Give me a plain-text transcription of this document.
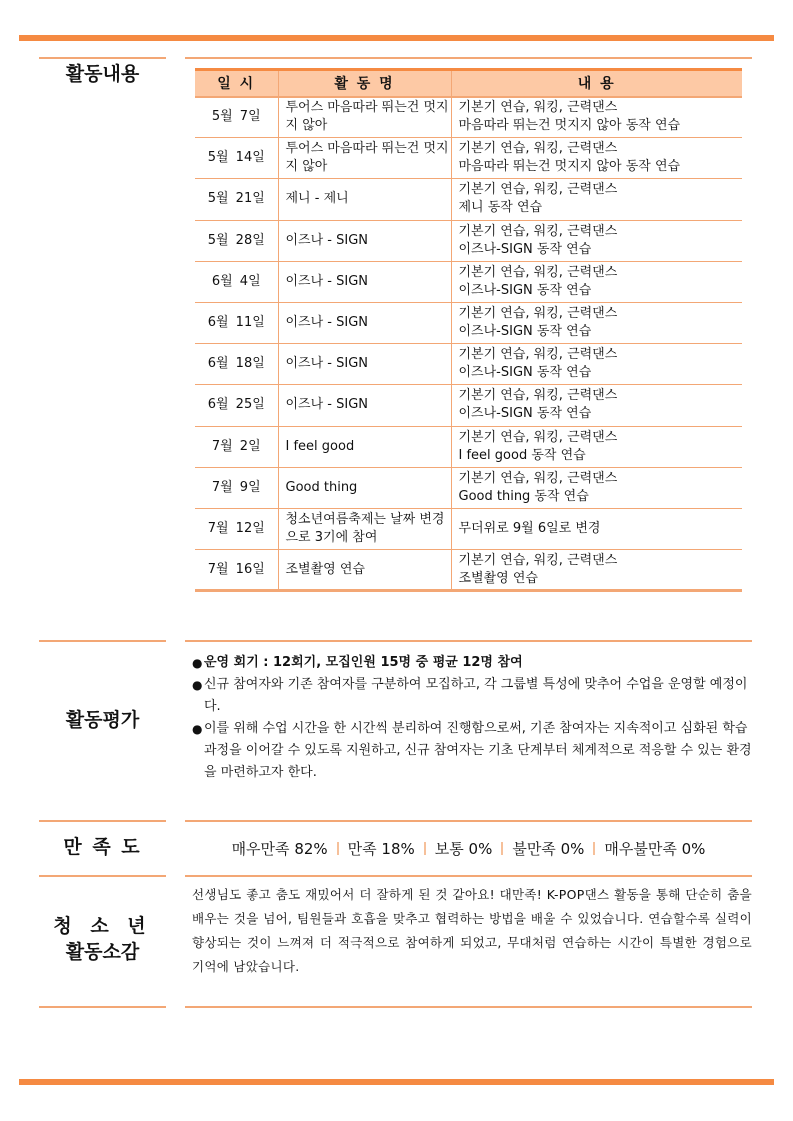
활동내용	일 시	활 동 명	내 용

5월 7일	투어스 마음따라 뛰는건 멋지지 않아	기본기 연습, 워킹, 근력댄스
마음따라 뛰는건 멋지지 않아 동작 연습

5월 14일	투어스 마음따라 뛰는건 멋지지 않아	기본기 연습, 워킹, 근력댄스
마음따라 뛰는건 멋지지 않아 동작 연습

5월 21일	제니 - 제니	기본기 연습, 워킹, 근력댄스
제니 동작 연습

5월 28일	이즈나 - SIGN	기본기 연습, 워킹, 근력댄스
이즈나-SIGN 동작 연습

6월 4일	이즈나 - SIGN	기본기 연습, 워킹, 근력댄스
이즈나-SIGN 동작 연습

6월 11일	이즈나 - SIGN	기본기 연습, 워킹, 근력댄스
이즈나-SIGN 동작 연습

6월 18일	이즈나 - SIGN	기본기 연습, 워킹, 근력댄스
이즈나-SIGN 동작 연습

6월 25일	이즈나 - SIGN	기본기 연습, 워킹, 근력댄스
이즈나-SIGN 동작 연습

7월 2일	I feel good	기본기 연습, 워킹, 근력댄스
I feel good 동작 연습

7월 9일	Good thing	기본기 연습, 워킹, 근력댄스
Good thing 동작 연습

7월 12일	청소년여름축제는 날짜 변경으로 3기에 참여	무더위로 9월 6일로 변경

7월 16일	조별촬영 연습	기본기 연습, 워킹, 근력댄스
조별촬영 연습
활동평가
● 운영 회기 : 12회기, 모집인원 15명 중 평균 12명 참여
● 신규 참여자와 기존 참여자를 구분하여 모집하고, 각 그룹별 특성에 맞추어 수업을 운영할 예정이다.
● 이를 위해 수업 시간을 한 시간씩 분리하여 진행함으로써, 기존 참여자는 지속적이고 심화된 학습 과정을 이어갈 수 있도록 지원하고, 신규 참여자는 기초 단계부터 체계적으로 적응할 수 있는 환경을 마련하고자 한다.
만 족 도	매우만족 82% 만족 18% 보통 0% 불만족 0% 매우불만족 0%
청 소 년
활동소감
선생님도 좋고 춤도 재밌어서 더 잘하게 된 것 같아요! 대만족! K-POP댄스 활동을 통해 단순히 춤을 배우는 것을 넘어, 팀원들과 호흡을 맞추고 협력하는 방법을 배울 수 있었습니다. 연습할수록 실력이 향상되는 것이 느껴져 더 적극적으로 참여하게 되었고, 무대처럼 연습하는 시간이 특별한 경험으로 기억에 남았습니다.
